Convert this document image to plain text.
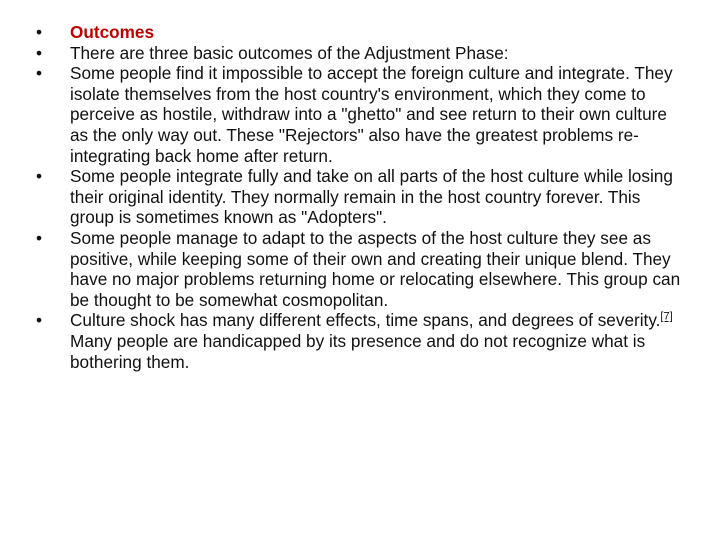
• Outcomes
• There are three basic outcomes of the Adjustment Phase:
• Some people find it impossible to accept the foreign culture and integrate. They isolate themselves from the host country's environment, which they come to perceive as hostile, withdraw into a "ghetto" and see return to their own culture as the only way out. These "Rejectors" also have the greatest problems re-integrating back home after return.
• Some people integrate fully and take on all parts of the host culture while losing their original identity. They normally remain in the host country forever. This group is sometimes known as "Adopters".
• Some people manage to adapt to the aspects of the host culture they see as positive, while keeping some of their own and creating their unique blend. They have no major problems returning home or relocating elsewhere. This group can be thought to be somewhat cosmopolitan.
• Culture shock has many different effects, time spans, and degrees of severity.[7] Many people are handicapped by its presence and do not recognize what is bothering them.
